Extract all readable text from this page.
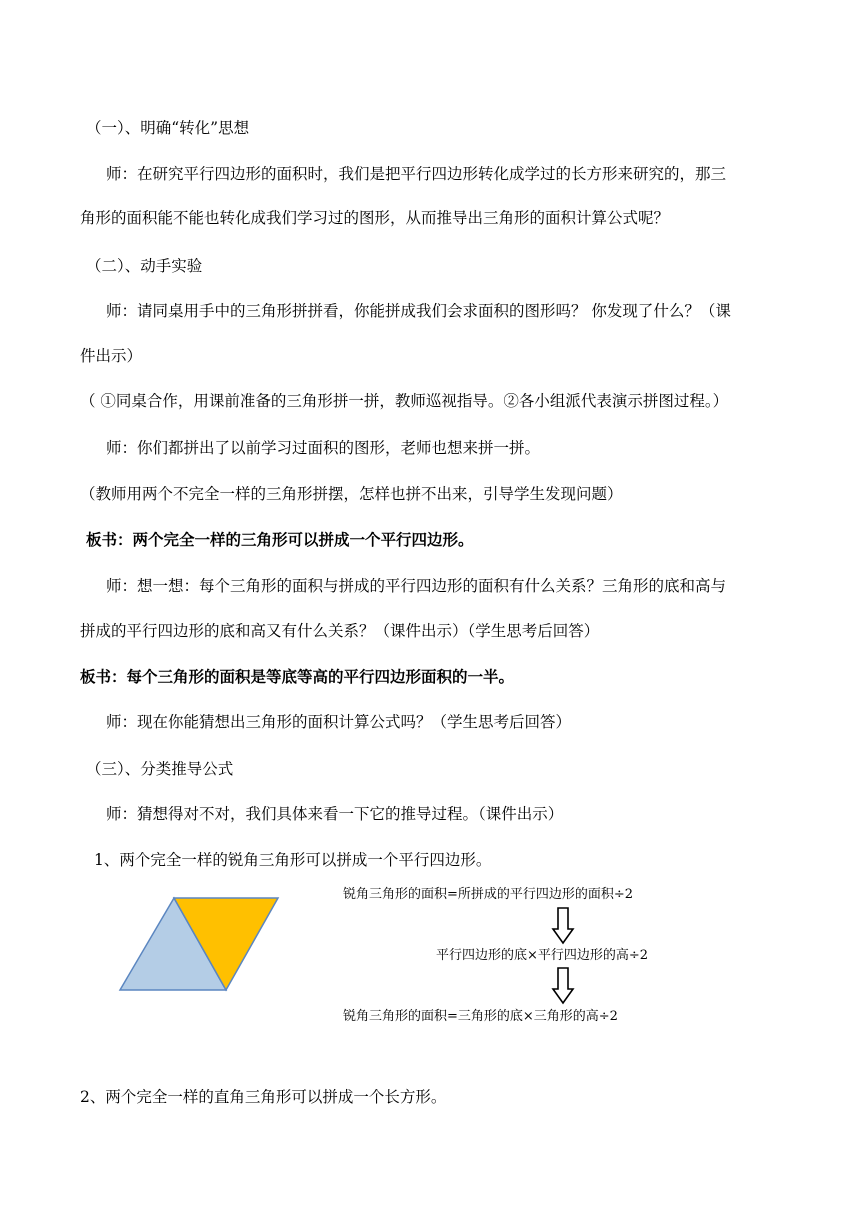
（一）、明确“转化”思想
师：在研究平行四边形的面积时，我们是把平行四边形转化成学过的长方形来研究的，那三
角形的面积能不能也转化成我们学习过的图形，从而推导出三角形的面积计算公式呢？
（二）、动手实验
师：请同桌用手中的三角形拼拼看，你能拼成我们会求面积的图形吗？ 你发现了什么？（课
件出示）
（ ①同桌合作，用课前准备的三角形拼一拼，教师巡视指导。②各小组派代表演示拼图过程。）
师：你们都拼出了以前学习过面积的图形，老师也想来拼一拼。
（教师用两个不完全一样的三角形拼摆，怎样也拼不出来，引导学生发现问题）
板书：两个完全一样的三角形可以拼成一个平行四边形。
师：想一想：每个三角形的面积与拼成的平行四边形的面积有什么关系？三角形的底和高与
拼成的平行四边形的底和高又有什么关系？（课件出示）（学生思考后回答）
板书：每个三角形的面积是等底等高的平行四边形面积的一半。
师：现在你能猜想出三角形的面积计算公式吗？（学生思考后回答）
（三）、分类推导公式
师：猜想得对不对，我们具体来看一下它的推导过程。（课件出示）
1、两个完全一样的锐角三角形可以拼成一个平行四边形。
锐角三角形的面积=所拼成的平行四边形的面积÷2
平行四边形的底×平行四边形的高÷2
锐角三角形的面积=三角形的底×三角形的高÷2
2、两个完全一样的直角三角形可以拼成一个长方形。
